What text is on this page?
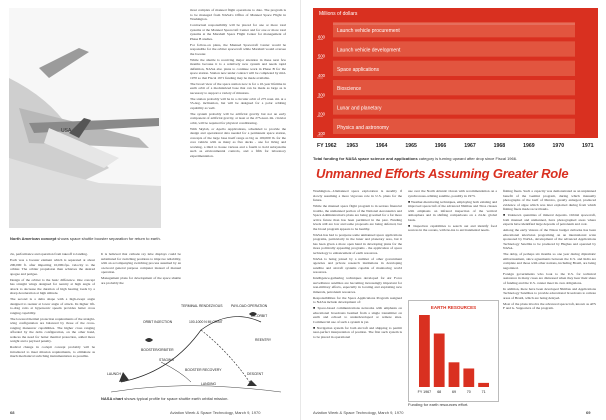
USA
North American concept shows space shuttle booster separation for return to earth.

cle, performance and operation from takeoff to landing.

Each was a booster element which is separated at about 200,000 ft. after imparting 10,000-fps. velocity to the orbiter. The orbiter propulsion then achieves the desired apogee and perigee.

Design of the orbiter is the basic difference. One concept has straight wings designed for reentry at high angle of attack to decrease the duration of high heating loads by a sharp deceleration at high altitude.

The second is a delta shape with a high-swept angle designed to reenter at lower angle of attack. Its higher lift-to-drag ratio at hypersonic speeds provides better cross ranging capability.

The lowered thermal protection requirements of the straight-wing configuration are balanced by those of the cross-ranging maneuver capabilities. The higher cross ranging afforded by the delta configuration, on the other hand, reduces the need for better thermal protection, added more weight and a payload penalty.

Radical change in cockpit concept probably will be introduced to meet mission requirements, to eliminate as much mechanical switching instrumentation as possible.

It is believed that cathode ray tube displays could be substituted for switching positions to improve reliability, with an accompanying switching process assumed by an on-board general purpose computer instead of manual operation.

Management plans for development of the space shuttle are probably the

most complex of manned flight operations to date. The program is to be managed from NASA's Office of Manned Space Flight in Washington.

Contractual responsibility will be placed for one or more total systems at the Manned Spacecraft Center and for one or more total systems at the Marshall Space Flight Center for management of Phase B studies.

For follow-on plans, the Manned Spacecraft Center would be responsible for the orbiter spacecraft while Marshall would oversee the booster.

While the shuttle is receiving major attention in these next few months because it is a relatively new system and needs rapid definition, NASA also plans to continue work in Phase B for the space station. Station new under contract will be completed by mid-1970 so that Fiscal 1971 funding may be made available.

The broad view of the space station now is for a 10-year lifetime in earth orbit of a modularized base that can be made as large as is necessary to support a variety of missions.

The station probably will be in a circular orbit of 275 naut. mi. at a 55-deg. inclination, but will be designed for a polar orbiting capability as well.

The system probably will be artificial gravity but not an early component of artificial gravity, at least at the 275-naut. mi. circular orbit, will be required for physical conditioning.

With Skylab, or Apollo Applications, scheduled to provide the design and operational data needed for a permanent space station, concepts of the large base itself range as big as 100,000 lb. for the core vehicle with as many as five decks - one for living and working, a third to house various and a fourth to hold subsystems such as environmental controls, and a fifth for laboratory experimentation.

TERMINAL RENDEZVOUS PAYLOAD OPERATION
DE-ORBIT
REENTRY
100-1000 N MI ORBIT
ORBIT INJECTION
BOOSTER/ORBITER
STAGING
BOOSTER RECOVERY
LAUNCH
LANDING
DESCENT
NASA chart shows typical profile for space shuttle earth orbital mission.
68	Aviation Week & Space Technology, March 9, 1970
100
200
300
400
500
600
Launch vehicle procurement
Launch vehicle development
Space applications
Bioscience
Lunar and planetary
Physics and astronomy
FY 1962 1963	1964	1965	1966	1967	1968	1969	1970	1971
Millions of dollars
Total funding for NASA space science and applications category is turning upward after drop since Fiscal 1966.
Unmanned Efforts Assuming Greater Role

Washington—Unmanned space exploration is steadily if slowly assuming a more vigorous role in U.S. plans for the future.

While the manned space flight program is in serious financial trouble, the unmanned portion of the National Aeronautics and Space Administration's plans are being groomed for a far more active future than has been permitted in the past. Funding levels still are low and some proposals are being deferred, but the broad program appears to be healthy.

NASA has had to postpone some unmanned space applications programs, particularly in the lunar and planetary area, but it has been given a more open hand in developing plans for the more politically appealing programs - the application of space technology to enhancement of earth resources.

NASA is being joined by a number of other government agencies and private research institutions in developing satellite and aircraft systems capable of monitoring world resources.

Intelligence-gathering techniques developed for Air Force surveillance satellites are becoming increasingly important for non-military efforts, especially in locating and exploiting new minerals, petroleum resources.

Responsibilities for the Space Applications Program assigned to NASA include development of:

■ Space-based communications networks with emphasis on educational broadcasts beamed from a single transmitter on earth and echoed to underdeveloped or remote sites. Commercial use of such a system is yet.

■ Navigation system for both aircraft and shipping to permit near-perfect interpretation of position. The first such system is to be placed in operational

use over the North Atlantic Ocean with recommendation on a synchronous-orbiting satellite, possibly in 1973.

■ Weather-monitoring techniques, employing both existing and improved spacecraft of the advanced Nimbus and Tiros classes with emphasis on infrared inspection of the vertical atmosphere and in shifting comparisons on a 24-hr. global basis.

■ Inspection capabilities to search out and identify food sources in the oceans, with tie-ins to environmental needs.

fishing fleets. Such a capacity was demonstrated as an unplanned benefit of the Gemini program, during which manually photographs of the Gulf of Mexico, greatly enlarged, produced evidence of algae which was later exploited during from which fishing fleets made record hauls.

■ Unknown quantities of mineral deposits. Orbital spacecraft, both manned and unmanned, have photographed areas where experts have identified large deposits of petroleum and coal.

Among the early visions of the Nixon budget cutbacks has been educational television programing on an international scale sponsored by NASA, development of the advanced Applications Technology Satellite to be produced by Hughes and operated by NASA.

The delay, of perhaps six months so one year during diplomatic embarrassment, since agreements between the U.S. and India are complete and those with other nations, including Brazil, are being negotiated.

Foreign governments who look to the U.S. for technical assistance in many cases are distressed when they hear their share of funding and the U.S. cannot meet its own obligations.

In addition, there have been developed Nimbus and Applications Technology Satellites to provide educational broadcasts to remote areas of Brazil, which are being delayed.

Most of the plans involve the advanced spacecraft, known as ATS F and G. Supporters of the program.

EARTH RESOURCES
FY 1967 68	69	70	71
Funding for earth resources effort.
Aviation Week & Space Technology, March 9, 1970	69
